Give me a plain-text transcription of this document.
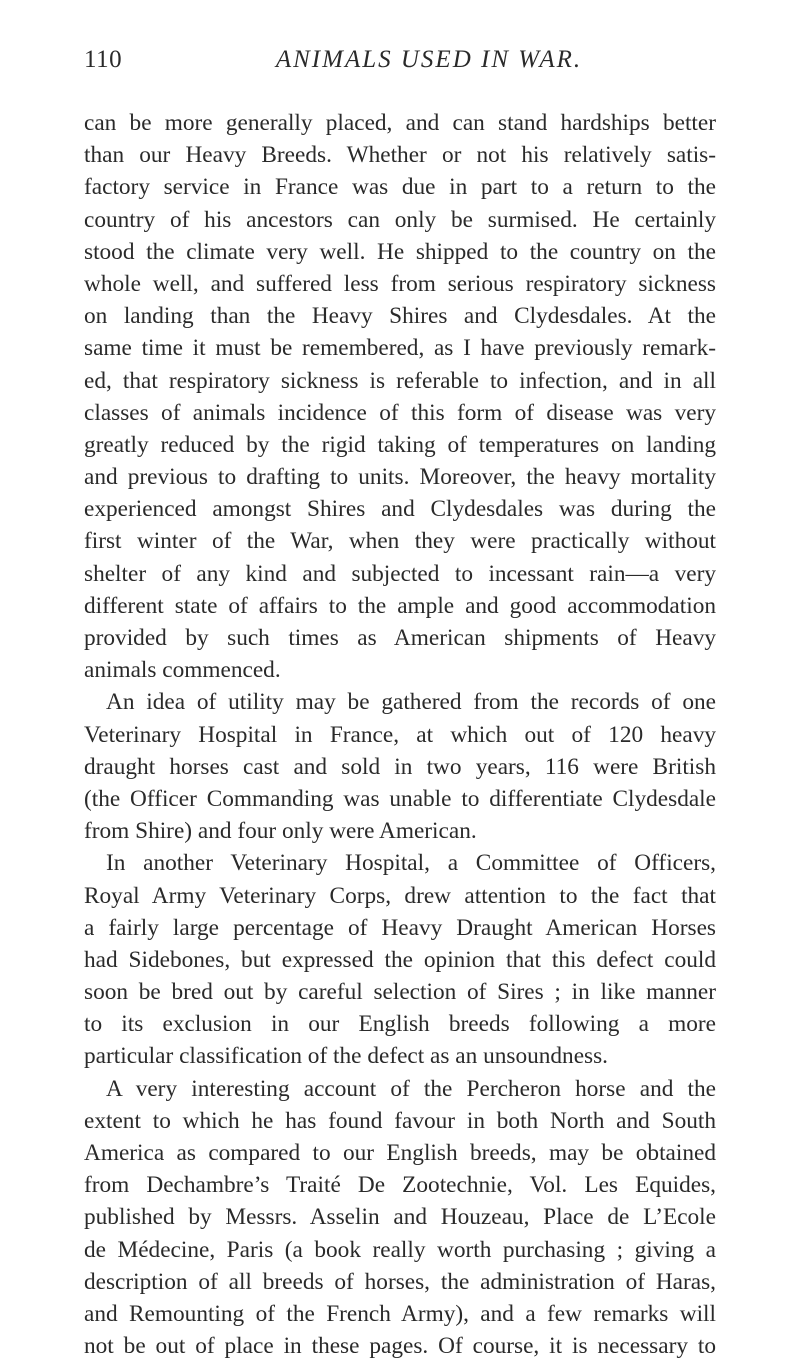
110	ANIMALS USED IN WAR.
can be more generally placed, and can stand hardships better
than our Heavy Breeds. Whether or not his relatively satis-
factory service in France was due in part to a return to the
country of his ancestors can only be surmised. He certainly
stood the climate very well. He shipped to the country on the
whole well, and suffered less from serious respiratory sickness
on landing than the Heavy Shires and Clydesdales. At the
same time it must be remembered, as I have previously remark-
ed, that respiratory sickness is referable to infection, and in all
classes of animals incidence of this form of disease was very
greatly reduced by the rigid taking of temperatures on landing
and previous to drafting to units. Moreover, the heavy mortality
experienced amongst Shires and Clydesdales was during the
first winter of the War, when they were practically without
shelter of any kind and subjected to incessant rain—a very
different state of affairs to the ample and good accommodation
provided by such times as American shipments of Heavy
animals commenced.
An idea of utility may be gathered from the records of one
Veterinary Hospital in France, at which out of 120 heavy
draught horses cast and sold in two years, 116 were British
(the Officer Commanding was unable to differentiate Clydesdale
from Shire) and four only were American.
In another Veterinary Hospital, a Committee of Officers,
Royal Army Veterinary Corps, drew attention to the fact that
a fairly large percentage of Heavy Draught American Horses
had Sidebones, but expressed the opinion that this defect could
soon be bred out by careful selection of Sires ; in like manner
to its exclusion in our English breeds following a more
particular classification of the defect as an unsoundness.
A very interesting account of the Percheron horse and the
extent to which he has found favour in both North and South
America as compared to our English breeds, may be obtained
from Dechambre’s Traité De Zootechnie, Vol. Les Equides,
published by Messrs. Asselin and Houzeau, Place de L’Ecole
de Médecine, Paris (a book really worth purchasing ; giving a
description of all breeds of horses, the administration of Haras,
and Remounting of the French Army), and a few remarks will
not be out of place in these pages. Of course, it is necessary to
